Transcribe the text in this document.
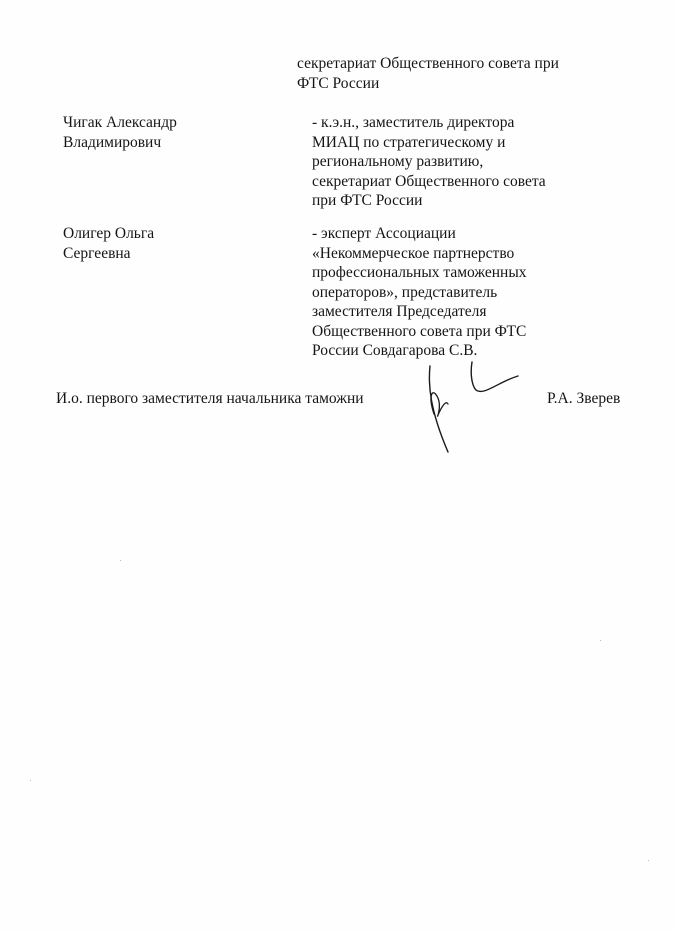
секретариат Общественного совета при
ФТС России
Чигак Александр
Владимирович
- к.э.н., заместитель директора
МИАЦ по стратегическому и
региональному развитию,
секретариат Общественного совета
при ФТС России
Олигер Ольга
Сергеевна
- эксперт Ассоциации
«Некоммерческое партнерство
профессиональных таможенных
операторов», представитель
заместителя Председателя
Общественного совета при ФТС
России Совдагарова С.В.
И.о. первого заместителя начальника таможни	Р.А. Зверев
